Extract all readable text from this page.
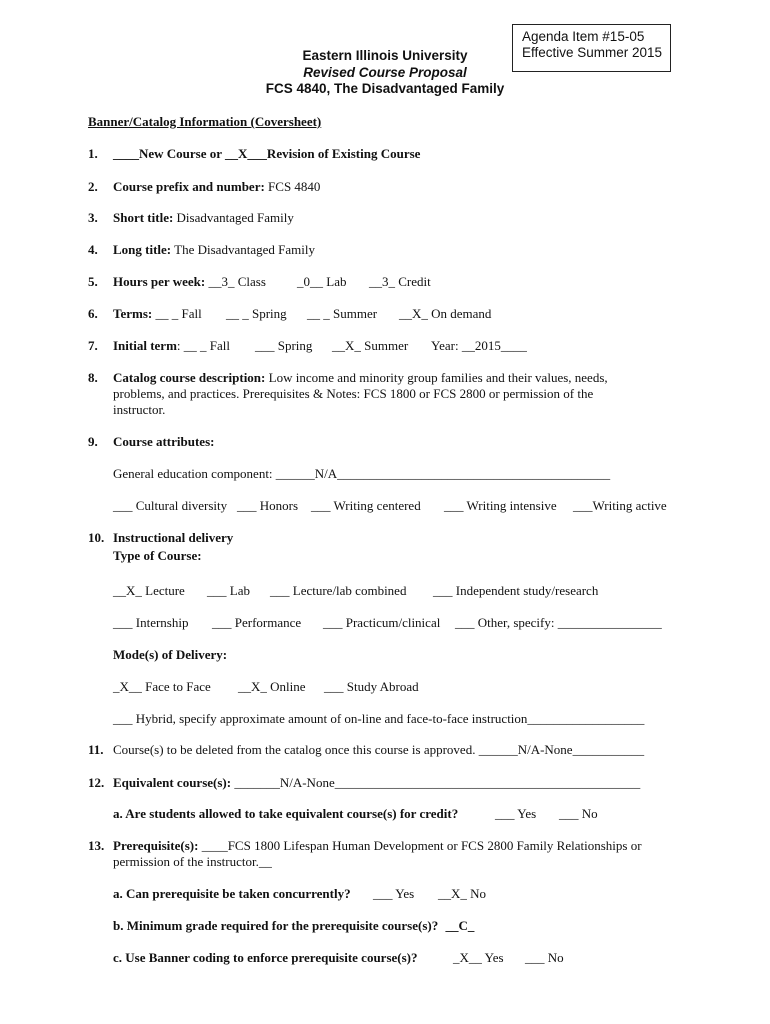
Agenda Item #15-05
Effective Summer 2015
Eastern Illinois University
Revised Course Proposal
FCS 4840, The Disadvantaged Family
Banner/Catalog Information (Coversheet)
1. ____New Course or __X___Revision of Existing Course
2. Course prefix and number: FCS 4840
3. Short title: Disadvantaged Family
4. Long title: The Disadvantaged Family
5. Hours per week: __3_ Class _0__ Lab __3_ Credit
6. Terms: __ _ Fall __ _ Spring __ _ Summer __X_ On demand
7. Initial term: __ _ Fall ___ Spring __X_ Summer Year: __2015____
8. Catalog course description: Low income and minority group families and their values, needs, problems, and practices. Prerequisites & Notes: FCS 1800 or FCS 2800 or permission of the instructor.
9. Course attributes:
General education component: ______N/A__________________________________________
___ Cultural diversity ___ Honors ___ Writing centered ___ Writing intensive ___Writing active
10. Instructional delivery
Type of Course:
__X_ Lecture ___ Lab ___ Lecture/lab combined ___ Independent study/research
___ Internship ___ Performance ___ Practicum/clinical ___ Other, specify: ________________
Mode(s) of Delivery:
_X__ Face to Face __X_ Online ___ Study Abroad
___ Hybrid, specify approximate amount of on-line and face-to-face instruction__________________
11. Course(s) to be deleted from the catalog once this course is approved. ______N/A-None___________
12. Equivalent course(s): _______N/A-None_______________________________________________
a. Are students allowed to take equivalent course(s) for credit?	___ Yes ___ No
13. Prerequisite(s): ____FCS 1800 Lifespan Human Development or FCS 2800 Family Relationships or permission of the instructor.__
a. Can prerequisite be taken concurrently? ___ Yes __X_ No
b. Minimum grade required for the prerequisite course(s)? __C_
c. Use Banner coding to enforce prerequisite course(s)?	_X__ Yes ___ No
